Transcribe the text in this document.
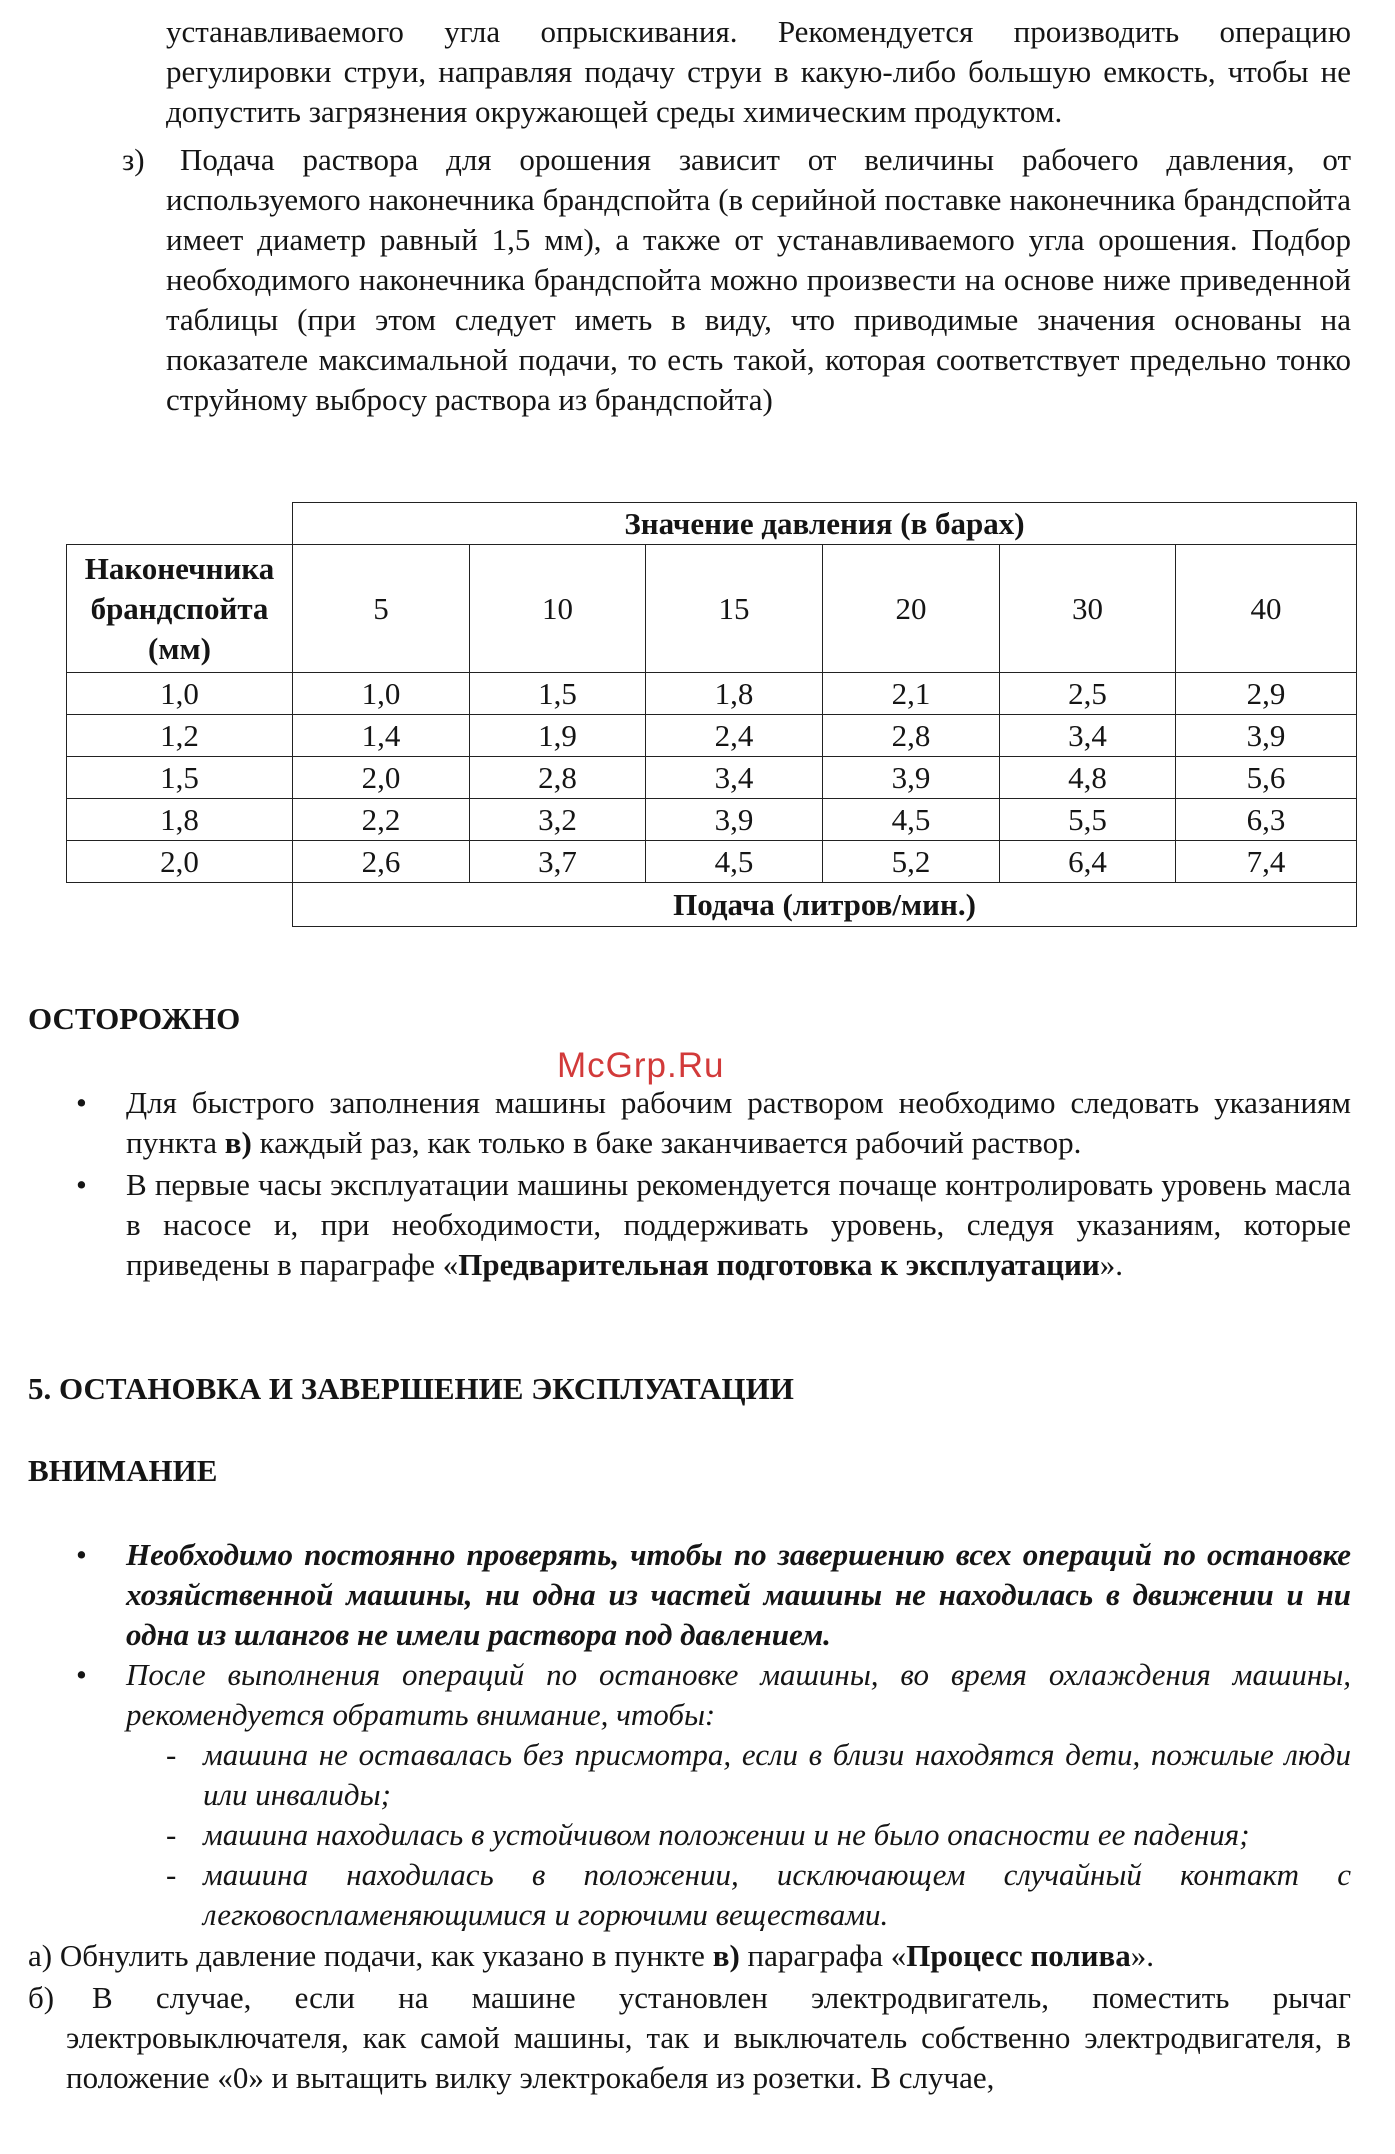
устанавливаемого угла опрыскивания. Рекомендуется производить операцию регулировки струи, направляя подачу струи в какую-либо большую емкость, чтобы не допустить загрязнения окружающей среды химическим продуктом.
з)	Подача раствора для орошения зависит от величины рабочего давления, от используемого наконечника брандспойта (в серийной поставке наконечника брандспойта имеет диаметр равный 1,5 мм), а также от устанавливаемого угла орошения. Подбор необходимого наконечника брандспойта можно произвести на основе ниже приведенной таблицы (при этом следует иметь в виду, что приводимые значения основаны на показателе максимальной подачи, то есть такой, которая соответствует предельно тонко струйному выбросу раствора из брандспойта)
	Значение давления (в барах)					
Наконечника брандспойта (мм)	5	10	15	20	30	40
1,0	1,0	1,5	1,8	2,1	2,5	2,9
1,2	1,4	1,9	2,4	2,8	3,4	3,9
1,5	2,0	2,8	3,4	3,9	4,8	5,6
1,8	2,2	3,2	3,9	4,5	5,5	6,3
2,0	2,6	3,7	4,5	5,2	6,4	7,4
	Подача (литров/мин.)					
ОСТОРОЖНО
McGrp.Ru
• Для быстрого заполнения машины рабочим раствором необходимо следовать указаниям пункта в) каждый раз, как только в баке заканчивается рабочий раствор.
• В первые часы эксплуатации машины рекомендуется почаще контролировать уровень масла в насосе и, при необходимости, поддерживать уровень, следуя указаниям, которые приведены в параграфе «Предварительная подготовка к эксплуатации».
5. ОСТАНОВКА И ЗАВЕРШЕНИЕ ЭКСПЛУАТАЦИИ
ВНИМАНИЕ
• Необходимо постоянно проверять, чтобы по завершению всех операций по остановке хозяйственной машины, ни одна из частей машины не находилась в движении и ни одна из шлангов не имели раствора под давлением.
• После выполнения операций по остановке машины, во время охлаждения машины, рекомендуется обратить внимание, чтобы:
- машина не оставалась без присмотра, если в близи находятся дети, пожилые люди или инвалиды;
- машина находилась в устойчивом положении и не было опасности ее падения;
- машина находилась в положении, исключающем случайный контакт с легковоспламеняющимися и горючими веществами.
а) Обнулить давление подачи, как указано в пункте в) параграфа «Процесс полива».
б)	В случае, если на машине установлен электродвигатель, поместить рычаг электровыключателя, как самой машины, так и выключатель собственно электродвигателя, в положение «0» и вытащить вилку электрокабеля из розетки. В случае,
